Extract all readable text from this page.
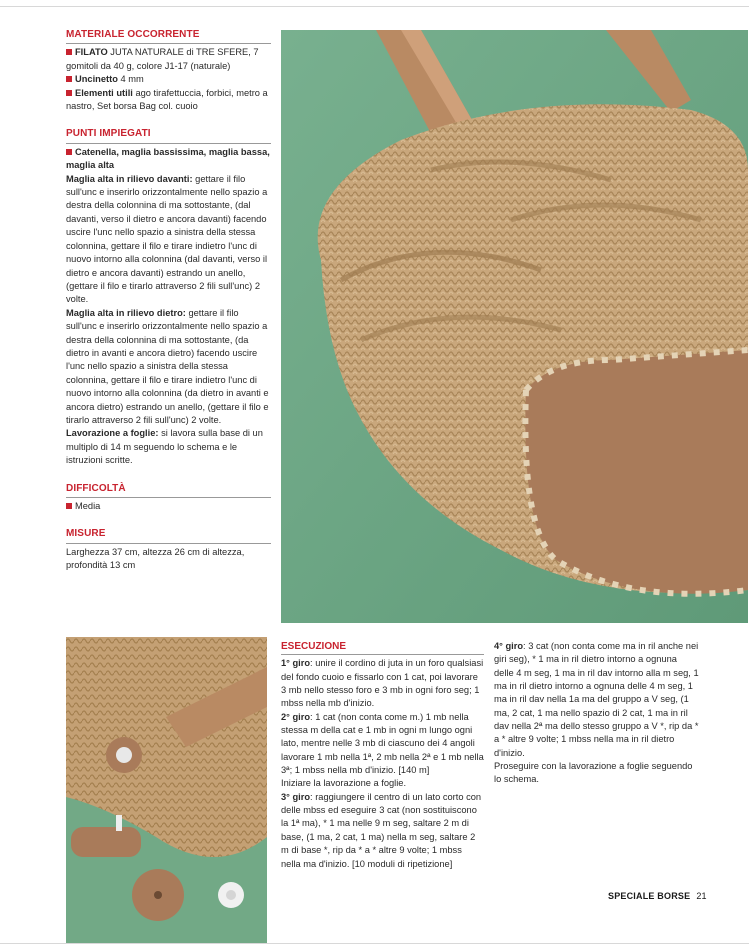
MATERIALE OCCORRENTE

FILATO JUTA NATURALE di TRE SFERE, 7 gomitoli da 40 g, colore J1-17 (naturale)

Uncinetto 4 mm

Elementi utili ago tirafettuccia, forbici, metro a nastro, Set borsa Bag col. cuoio

PUNTI IMPIEGATI

Catenella, maglia bassissima, maglia bassa, maglia alta

Maglia alta in rilievo davanti: gettare il filo sull'unc e inserirlo orizzontalmente nello spazio a destra della colonnina di ma sottostante, (dal davanti, verso il dietro e ancora davanti) facendo uscire l'unc nello spazio a sinistra della stessa colonnina, gettare il filo e tirare indietro l'unc di nuovo intorno alla colonnina (dal davanti, verso il dietro e ancora davanti) estrando un anello, (gettare il filo e tirarlo attraverso 2 fili sull'unc) 2 volte.

Maglia alta in rilievo dietro: gettare il filo sull'unc e inserirlo orizzontalmente nello spazio a destra della colonnina di ma sottostante, (da dietro in avanti e ancora dietro) facendo uscire l'unc nello spazio a sinistra della stessa colonnina, gettare il filo e tirare indietro l'unc di nuovo intorno alla colonnina (da dietro in avanti e ancora dietro) estrando un anello, (gettare il filo e tirarlo attraverso 2 fili sull'unc) 2 volte.

Lavorazione a foglie: si lavora sulla base di un multiplo di 14 m seguendo lo schema e le istruzioni scritte.

DIFFICOLTÀ

Media

MISURE

Larghezza 37 cm, altezza 26 cm di altezza, profondità 13 cm

ESECUZIONE

1° giro: unire il cordino di juta in un foro qualsiasi del fondo cuoio e fissarlo con 1 cat, poi lavorare 3 mb nello stesso foro e 3 mb in ogni foro seg; 1 mbss nella mb d'inizio.

2° giro: 1 cat (non conta come m.) 1 mb nella stessa m della cat e 1 mb in ogni m lungo ogni lato, mentre nelle 3 mb di ciascuno dei 4 angoli lavorare 1 mb nella 1ª, 2 mb nella 2ª e 1 mb nella 3ª; 1 mbss nella mb d'inizio. [140 m]

Iniziare la lavorazione a foglie.

3° giro: raggiungere il centro di un lato corto con delle mbss ed eseguire 3 cat (non sostituiscono la 1ª ma), * 1 ma nelle 9 m seg, saltare 2 m di base, (1 ma, 2 cat, 1 ma) nella m seg, saltare 2 m di base *, rip da * a * altre 9 volte; 1 mbss nella ma d'inizio. [10 moduli di ripetizione]

4° giro: 3 cat (non conta come ma in ril anche nei giri seg), * 1 ma in ril dietro intorno a ognuna delle 4 m seg, 1 ma in ril dav intorno alla m seg, 1 ma in ril dietro intorno a ognuna delle 4 m seg, 1 ma in ril dav nella 1a ma del gruppo a V seg, (1 ma, 2 cat, 1 ma nello spazio di 2 cat, 1 ma in ril dav nella 2ª ma dello stesso gruppo a V *, rip da * a * altre 9 volte; 1 mbss nella ma in ril dietro d'inizio.

Proseguire con la lavorazione a foglie seguendo lo schema.

SPECIALE BORSE 21
